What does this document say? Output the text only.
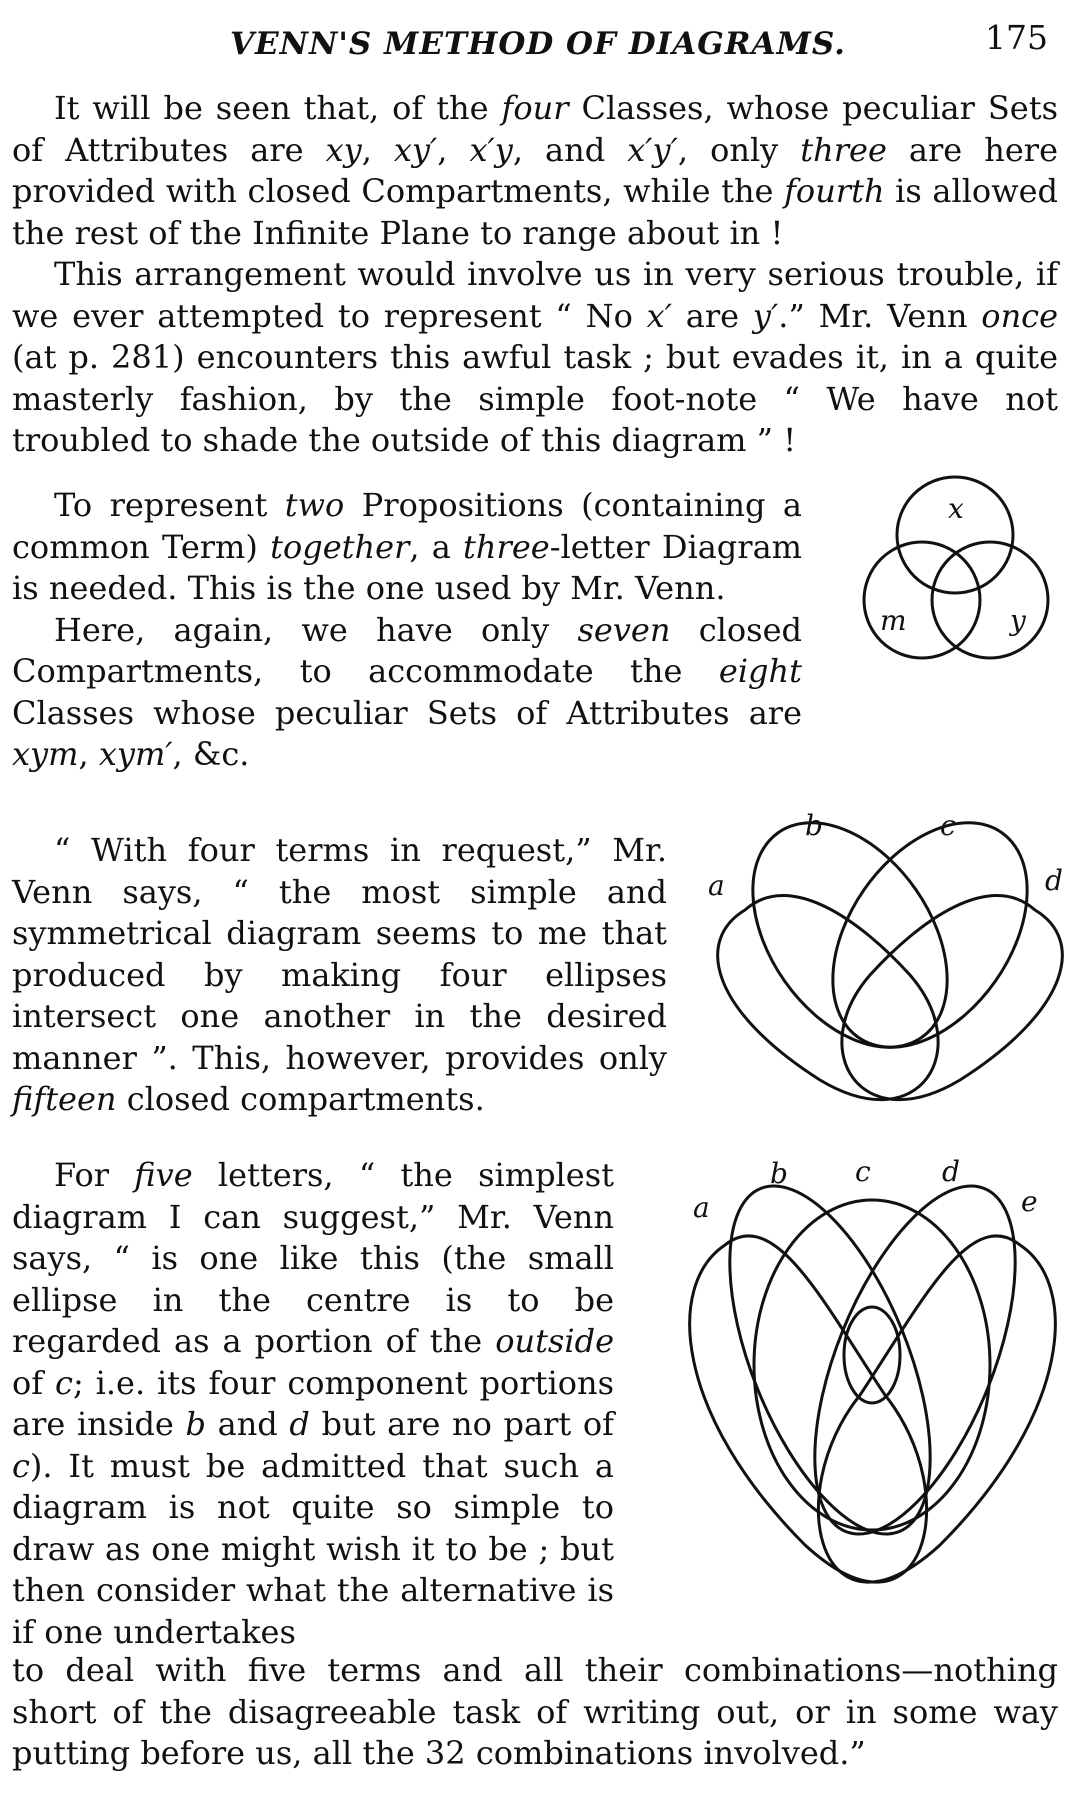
VENN'S METHOD OF DIAGRAMS.	175

It will be seen that, of the four Classes, whose peculiar Sets of Attributes are xy, xy′, x′y, and x′y′, only three are here provided with closed Compartments, while the fourth is allowed the rest of the Infinite Plane to range about in !

This arrangement would involve us in very serious trouble, if we ever attempted to represent “ No x′ are y′.” Mr. Venn once (at p. 281) encounters this awful task ; but evades it, in a quite masterly fashion, by the simple foot-note “ We have not troubled to shade the outside of this diagram ” !

To represent two Propositions (containing a common Term) together, a three-letter Diagram is needed. This is the one used by Mr. Venn.

Here, again, we have only seven closed Compartments, to accommodate the eight Classes whose peculiar Sets of Attributes are xym, xym′, &c.

x
m	y

“ With four terms in request,” Mr. Venn says, “ the most simple and symmetrical diagram seems to me that produced by making four ellipses intersect one another in the desired manner ”. This, however, provides only fifteen closed compartments.

a
b	c
d

For five letters, “ the simplest diagram I can suggest,” Mr. Venn says, “ is one like this (the small ellipse in the centre is to be regarded as a portion of the outside of c; i.e. its four component portions are inside b and d but are no part of c). It must be admitted that such a diagram is not quite so simple to draw as one might wish it to be ; but then consider what the alternative is if one undertakes

a
b c	d
e

to deal with five terms and all their combinations—nothing short of the disagreeable task of writing out, or in some way putting before us, all the 32 combinations involved.”
